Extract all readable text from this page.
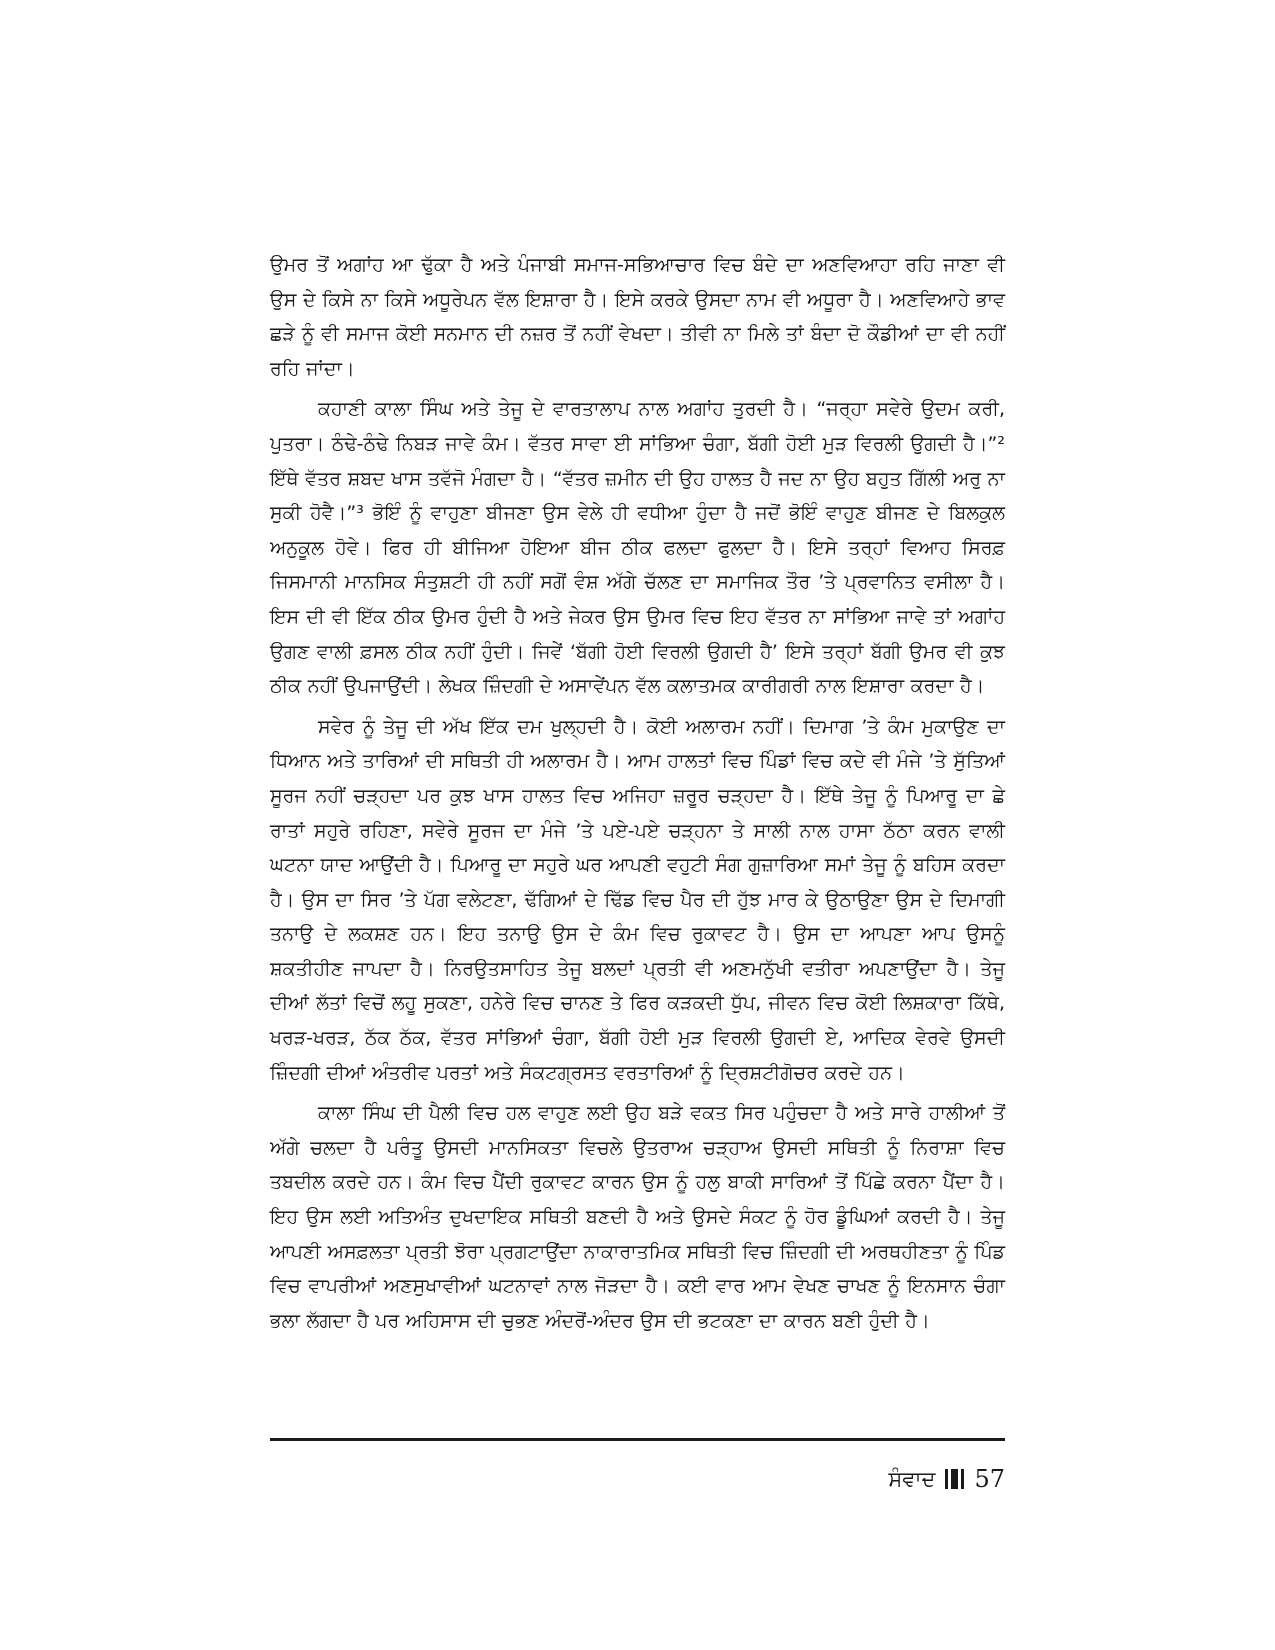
ਉਮਰ ਤੋਂ ਅਗਾਂਹ ਆ ਢੁੱਕਾ ਹੈ ਅਤੇ ਪੰਜਾਬੀ ਸਮਾਜ-ਸਭਿਆਚਾਰ ਵਿਚ ਬੰਦੇ ਦਾ ਅਣਵਿਆਹਾ ਰਹਿ ਜਾਣਾ ਵੀ ਉਸ ਦੇ ਕਿਸੇ ਨਾ ਕਿਸੇ ਅਧੂਰੇਪਨ ਵੱਲ ਇਸ਼ਾਰਾ ਹੈ। ਇਸੇ ਕਰਕੇ ਉਸਦਾ ਨਾਮ ਵੀ ਅਧੂਰਾ ਹੈ। ਅਣਵਿਆਹੇ ਭਾਵ ਛੜੇ ਨੂੰ ਵੀ ਸਮਾਜ ਕੋਈ ਸਨਮਾਨ ਦੀ ਨਜ਼ਰ ਤੋਂ ਨਹੀਂ ਵੇਖਦਾ। ਤੀਵੀ ਨਾ ਮਿਲੇ ਤਾਂ ਬੰਦਾ ਦੋ ਕੌਡੀਆਂ ਦਾ ਵੀ ਨਹੀਂ ਰਹਿ ਜਾਂਦਾ।

ਕਹਾਣੀ ਕਾਲਾ ਸਿੰਘ ਅਤੇ ਤੇਜੂ ਦੇ ਵਾਰਤਾਲਾਪ ਨਾਲ ਅਗਾਂਹ ਤੁਰਦੀ ਹੈ। “ਜਰ੍ਹਾ ਸਵੇਰੇ ਉਦਮ ਕਰੀ, ਪੁਤਰਾ। ਠੰਢੇ-ਠੰਢੇ ਨਿਬੜ ਜਾਵੇ ਕੰਮ। ਵੱਤਰ ਸਾਵਾ ਈ ਸਾਂਭਿਆ ਚੰਗਾ, ਬੱਗੀ ਹੋਈ ਮੁੜ ਵਿਰਲੀ ਉਗਦੀ ਹੈ।”² ਇੱਥੇ ਵੱਤਰ ਸ਼ਬਦ ਖਾਸ ਤਵੱਜੋ ਮੰਗਦਾ ਹੈ। “ਵੱਤਰ ਜ਼ਮੀਨ ਦੀ ਉਹ ਹਾਲਤ ਹੈ ਜਦ ਨਾ ਉਹ ਬਹੁਤ ਗਿੱਲੀ ਅਰੁ ਨਾ ਸੁਕੀ ਹੋਵੈ।”³ ਭੋਇੰ ਨੂੰ ਵਾਹੁਣਾ ਬੀਜਣਾ ਉਸ ਵੇਲੇ ਹੀ ਵਧੀਆ ਹੁੰਦਾ ਹੈ ਜਦੋਂ ਭੋਇੰ ਵਾਹੁਣ ਬੀਜਣ ਦੇ ਬਿਲਕੁਲ ਅਨੁਕੂਲ ਹੋਵੇ। ਫਿਰ ਹੀ ਬੀਜਿਆ ਹੋਇਆ ਬੀਜ ਠੀਕ ਫਲਦਾ ਫੁਲਦਾ ਹੈ। ਇਸੇ ਤਰ੍ਹਾਂ ਵਿਆਹ ਸਿਰਫ਼ ਜਿਸਮਾਨੀ ਮਾਨਸਿਕ ਸੰਤੁਸ਼ਟੀ ਹੀ ਨਹੀਂ ਸਗੋਂ ਵੰਸ਼ ਅੱਗੇ ਚੱਲਣ ਦਾ ਸਮਾਜਿਕ ਤੌਰ ’ਤੇ ਪ੍ਰਵਾਨਿਤ ਵਸੀਲਾ ਹੈ। ਇਸ ਦੀ ਵੀ ਇੱਕ ਠੀਕ ਉਮਰ ਹੁੰਦੀ ਹੈ ਅਤੇ ਜੇਕਰ ਉਸ ਉਮਰ ਵਿਚ ਇਹ ਵੱਤਰ ਨਾ ਸਾਂਭਿਆ ਜਾਵੇ ਤਾਂ ਅਗਾਂਹ ਉਗਣ ਵਾਲੀ ਫ਼ਸਲ ਠੀਕ ਨਹੀਂ ਹੁੰਦੀ। ਜਿਵੇਂ ‘ਬੱਗੀ ਹੋਈ ਵਿਰਲੀ ਉਗਦੀ ਹੈ’ ਇਸੇ ਤਰ੍ਹਾਂ ਬੱਗੀ ਉਮਰ ਵੀ ਕੁਝ ਠੀਕ ਨਹੀਂ ਉਪਜਾਉਂਦੀ। ਲੇਖਕ ਜ਼ਿੰਦਗੀ ਦੇ ਅਸਾਵੇਂਪਨ ਵੱਲ ਕਲਾਤਮਕ ਕਾਰੀਗਰੀ ਨਾਲ ਇਸ਼ਾਰਾ ਕਰਦਾ ਹੈ।

ਸਵੇਰ ਨੂੰ ਤੇਜੂ ਦੀ ਅੱਖ ਇੱਕ ਦਮ ਖੁਲ੍ਹਦੀ ਹੈ। ਕੋਈ ਅਲਾਰਮ ਨਹੀਂ। ਦਿਮਾਗ ’ਤੇ ਕੰਮ ਮੁਕਾਉਣ ਦਾ ਧਿਆਨ ਅਤੇ ਤਾਰਿਆਂ ਦੀ ਸਥਿਤੀ ਹੀ ਅਲਾਰਮ ਹੈ। ਆਮ ਹਾਲਤਾਂ ਵਿਚ ਪਿੰਡਾਂ ਵਿਚ ਕਦੇ ਵੀ ਮੰਜੇ ’ਤੇ ਸੁੱਤਿਆਂ ਸੂਰਜ ਨਹੀਂ ਚੜ੍ਹਦਾ ਪਰ ਕੁਝ ਖਾਸ ਹਾਲਤ ਵਿਚ ਅਜਿਹਾ ਜ਼ਰੂਰ ਚੜ੍ਹਦਾ ਹੈ। ਇੱਥੇ ਤੇਜੂ ਨੂੰ ਪਿਆਰੂ ਦਾ ਛੇ ਰਾਤਾਂ ਸਹੁਰੇ ਰਹਿਣਾ, ਸਵੇਰੇ ਸੂਰਜ ਦਾ ਮੰਜੇ ’ਤੇ ਪਏ-ਪਏ ਚੜ੍ਹਨਾ ਤੇ ਸਾਲੀ ਨਾਲ ਹਾਸਾ ਠੱਠਾ ਕਰਨ ਵਾਲੀ ਘਟਨਾ ਯਾਦ ਆਉਂਦੀ ਹੈ। ਪਿਆਰੂ ਦਾ ਸਹੁਰੇ ਘਰ ਆਪਣੀ ਵਹੁਟੀ ਸੰਗ ਗੁਜ਼ਾਰਿਆ ਸਮਾਂ ਤੇਜੂ ਨੂੰ ਬਹਿਸ ਕਰਦਾ ਹੈ। ਉਸ ਦਾ ਸਿਰ ’ਤੇ ਪੱਗ ਵਲੇਟਣਾ, ਢੱਗਿਆਂ ਦੇ ਢਿੱਡ ਵਿਚ ਪੈਰ ਦੀ ਹੁੱਝ ਮਾਰ ਕੇ ਉਠਾਉਣਾ ਉਸ ਦੇ ਦਿਮਾਗੀ ਤਨਾਉ ਦੇ ਲਕਸ਼ਣ ਹਨ। ਇਹ ਤਨਾਉ ਉਸ ਦੇ ਕੰਮ ਵਿਚ ਰੁਕਾਵਟ ਹੈ। ਉਸ ਦਾ ਆਪਣਾ ਆਪ ਉਸਨੂੰ ਸ਼ਕਤੀਹੀਣ ਜਾਪਦਾ ਹੈ। ਨਿਰਉਤਸਾਹਿਤ ਤੇਜੂ ਬਲਦਾਂ ਪ੍ਰਤੀ ਵੀ ਅਣਮਨੁੱਖੀ ਵਤੀਰਾ ਅਪਣਾਉਂਦਾ ਹੈ। ਤੇਜੂ ਦੀਆਂ ਲੱਤਾਂ ਵਿਚੋਂ ਲਹੂ ਸੁਕਣਾ, ਹਨੇਰੇ ਵਿਚ ਚਾਨਣ ਤੇ ਫਿਰ ਕੜਕਦੀ ਧੁੱਪ, ਜੀਵਨ ਵਿਚ ਕੋਈ ਲਿਸ਼ਕਾਰਾ ਕਿੱਥੇ, ਖਰੜ-ਖਰੜ, ਠੱਕ ਠੱਕ, ਵੱਤਰ ਸਾਂਭਿਆਂ ਚੰਗਾ, ਬੱਗੀ ਹੋਈ ਮੁੜ ਵਿਰਲੀ ਉਗਦੀ ਏ, ਆਦਿਕ ਵੇਰਵੇ ਉਸਦੀ ਜ਼ਿੰਦਗੀ ਦੀਆਂ ਅੰਤਰੀਵ ਪਰਤਾਂ ਅਤੇ ਸੰਕਟਗ੍ਰਸਤ ਵਰਤਾਰਿਆਂ ਨੂੰ ਦ੍ਰਿਸ਼ਟੀਗੋਚਰ ਕਰਦੇ ਹਨ।

ਕਾਲਾ ਸਿੰਘ ਦੀ ਪੈਲੀ ਵਿਚ ਹਲ ਵਾਹੁਣ ਲਈ ਉਹ ਬੜੇ ਵਕਤ ਸਿਰ ਪਹੁੰਚਦਾ ਹੈ ਅਤੇ ਸਾਰੇ ਹਾਲੀਆਂ ਤੋਂ ਅੱਗੇ ਚਲਦਾ ਹੈ ਪਰੰਤੂ ਉਸਦੀ ਮਾਨਸਿਕਤਾ ਵਿਚਲੇ ਉਤਰਾਅ ਚੜ੍ਹਾਅ ਉਸਦੀ ਸਥਿਤੀ ਨੂੰ ਨਿਰਾਸ਼ਾ ਵਿਚ ਤਬਦੀਲ ਕਰਦੇ ਹਨ। ਕੰਮ ਵਿਚ ਪੈਂਦੀ ਰੁਕਾਵਟ ਕਾਰਨ ਉਸ ਨੂੰ ਹਲੁ ਬਾਕੀ ਸਾਰਿਆਂ ਤੋਂ ਪਿੱਛੇ ਕਰਨਾ ਪੈਂਦਾ ਹੈ। ਇਹ ਉਸ ਲਈ ਅਤਿਅੰਤ ਦੁਖਦਾਇਕ ਸਥਿਤੀ ਬਣਦੀ ਹੈ ਅਤੇ ਉਸਦੇ ਸੰਕਟ ਨੂੰ ਹੋਰ ਡੂੰਘਿਆਂ ਕਰਦੀ ਹੈ। ਤੇਜੂ ਆਪਣੀ ਅਸਫ਼ਲਤਾ ਪ੍ਰਤੀ ਝੋਰਾ ਪ੍ਰਗਟਾਉਂਦਾ ਨਾਕਾਰਾਤਮਿਕ ਸਥਿਤੀ ਵਿਚ ਜ਼ਿੰਦਗੀ ਦੀ ਅਰਥਹੀਣਤਾ ਨੂੰ ਪਿੰਡ ਵਿਚ ਵਾਪਰੀਆਂ ਅਣਸੁਖਾਵੀਆਂ ਘਟਨਾਵਾਂ ਨਾਲ ਜੋੜਦਾ ਹੈ। ਕਈ ਵਾਰ ਆਮ ਵੇਖਣ ਚਾਖਣ ਨੂੰ ਇਨਸਾਨ ਚੰਗਾ ਭਲਾ ਲੱਗਦਾ ਹੈ ਪਰ ਅਹਿਸਾਸ ਦੀ ਚੁਭਣ ਅੰਦਰੋਂ-ਅੰਦਰ ਉਸ ਦੀ ਭਟਕਣਾ ਦਾ ਕਾਰਨ ਬਣੀ ਹੁੰਦੀ ਹੈ।

ਸੰਵਾਦ 57
